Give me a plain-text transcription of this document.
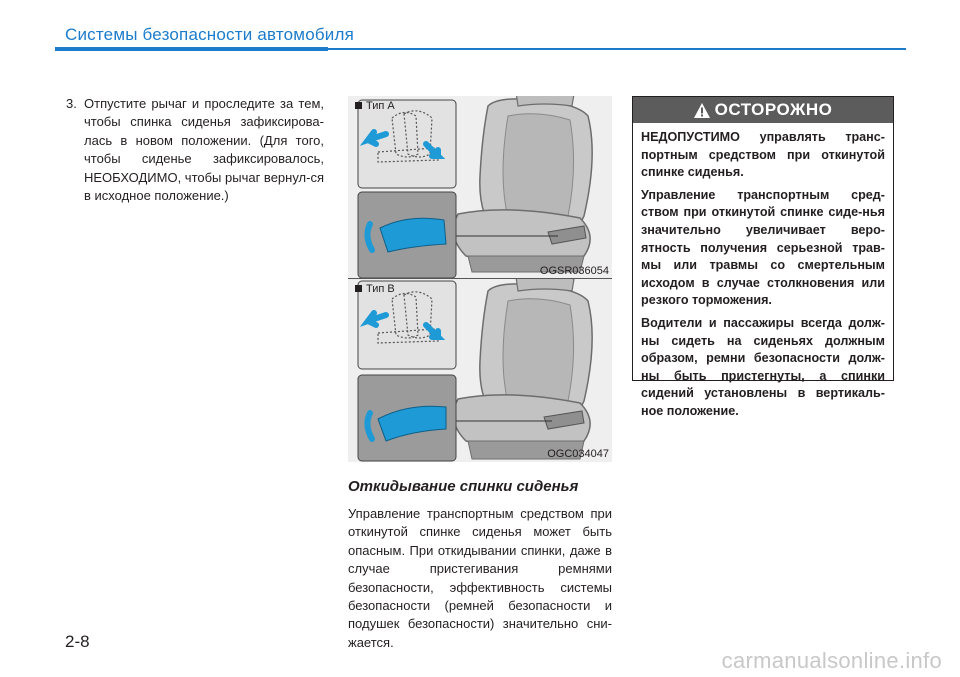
Системы безопасности автомобиля
3. Отпустите рычаг и проследите за тем, чтобы спинка сиденья зафиксирова-лась в новом положении. (Для того, чтобы сиденье зафиксировалось, НЕОБХОДИМО, чтобы рычаг вернул-ся в исходное положение.)
Тип A
OGSR036054
Тип B
OGC034047
Откидывание спинки сиденья
Управление транспортным средством при откинутой спинке сиденья может быть опасным. При откидывании спинки, даже в случае пристегивания ремнями безопасности, эффективность системы безопасности (ремней безопасности и подушек безопасности) значительно сни-жается.
ОСТОРОЖНО

НЕДОПУСТИМО управлять транс-портным средством при откинутой спинке сиденья.

Управление транспортным сред-ством при откинутой спинке сиде-нья значительно увеличивает веро-ятность получения серьезной трав-мы или травмы со смертельным исходом в случае столкновения или резкого торможения.

Водители и пассажиры всегда долж-ны сидеть на сиденьях должным образом, ремни безопасности долж-ны быть пристегнуты, а спинки сидений установлены в вертикаль-ное положение.

2-8
carmanualsonline.info
